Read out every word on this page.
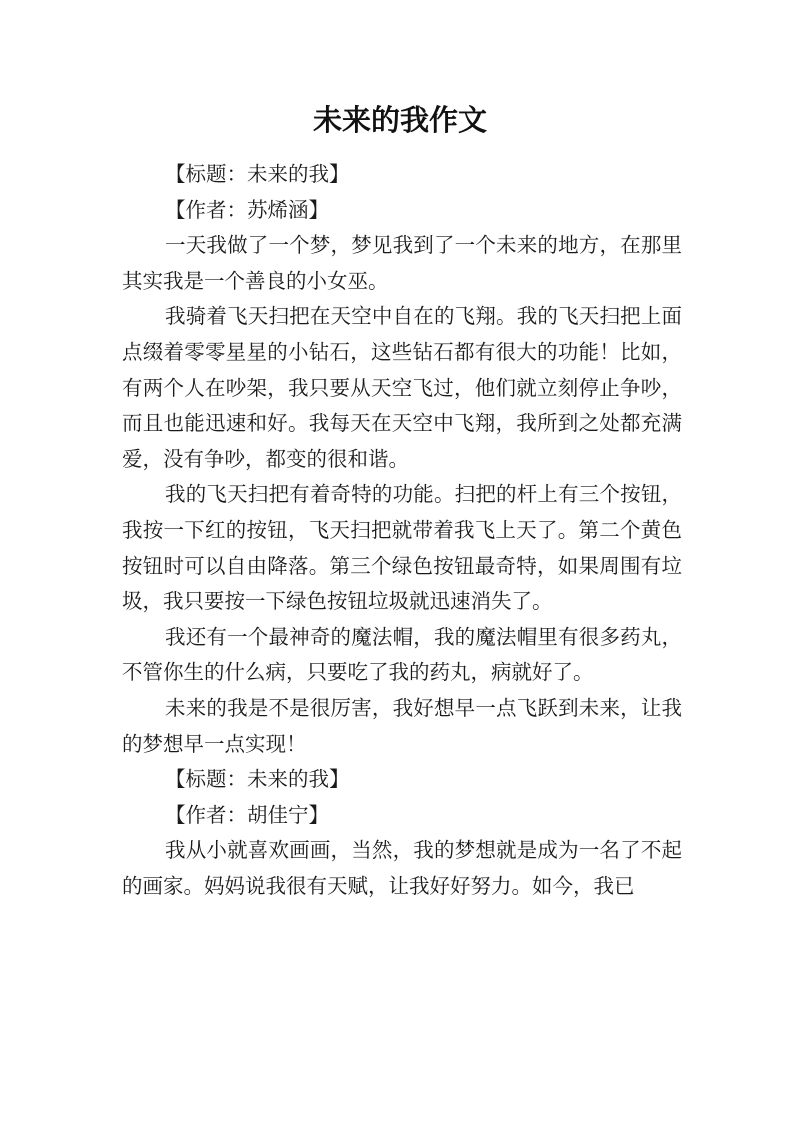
未来的我作文

【标题：未来的我】

【作者：苏烯涵】

一天我做了一个梦，梦见我到了一个未来的地方，在那里其实我是一个善良的小女巫。

我骑着飞天扫把在天空中自在的飞翔。我的飞天扫把上面点缀着零零星星的小钻石，这些钻石都有很大的功能！比如，有两个人在吵架，我只要从天空飞过，他们就立刻停止争吵，而且也能迅速和好。我每天在天空中飞翔，我所到之处都充满爱，没有争吵，都变的很和谐。

我的飞天扫把有着奇特的功能。扫把的杆上有三个按钮，我按一下红的按钮，飞天扫把就带着我飞上天了。第二个黄色按钮时可以自由降落。第三个绿色按钮最奇特，如果周围有垃圾，我只要按一下绿色按钮垃圾就迅速消失了。

我还有一个最神奇的魔法帽，我的魔法帽里有很多药丸，不管你生的什么病，只要吃了我的药丸，病就好了。

未来的我是不是很厉害，我好想早一点飞跃到未来，让我的梦想早一点实现！

【标题：未来的我】

【作者：胡佳宁】

我从小就喜欢画画，当然，我的梦想就是成为一名了不起的画家。妈妈说我很有天赋，让我好好努力。如今，我已
